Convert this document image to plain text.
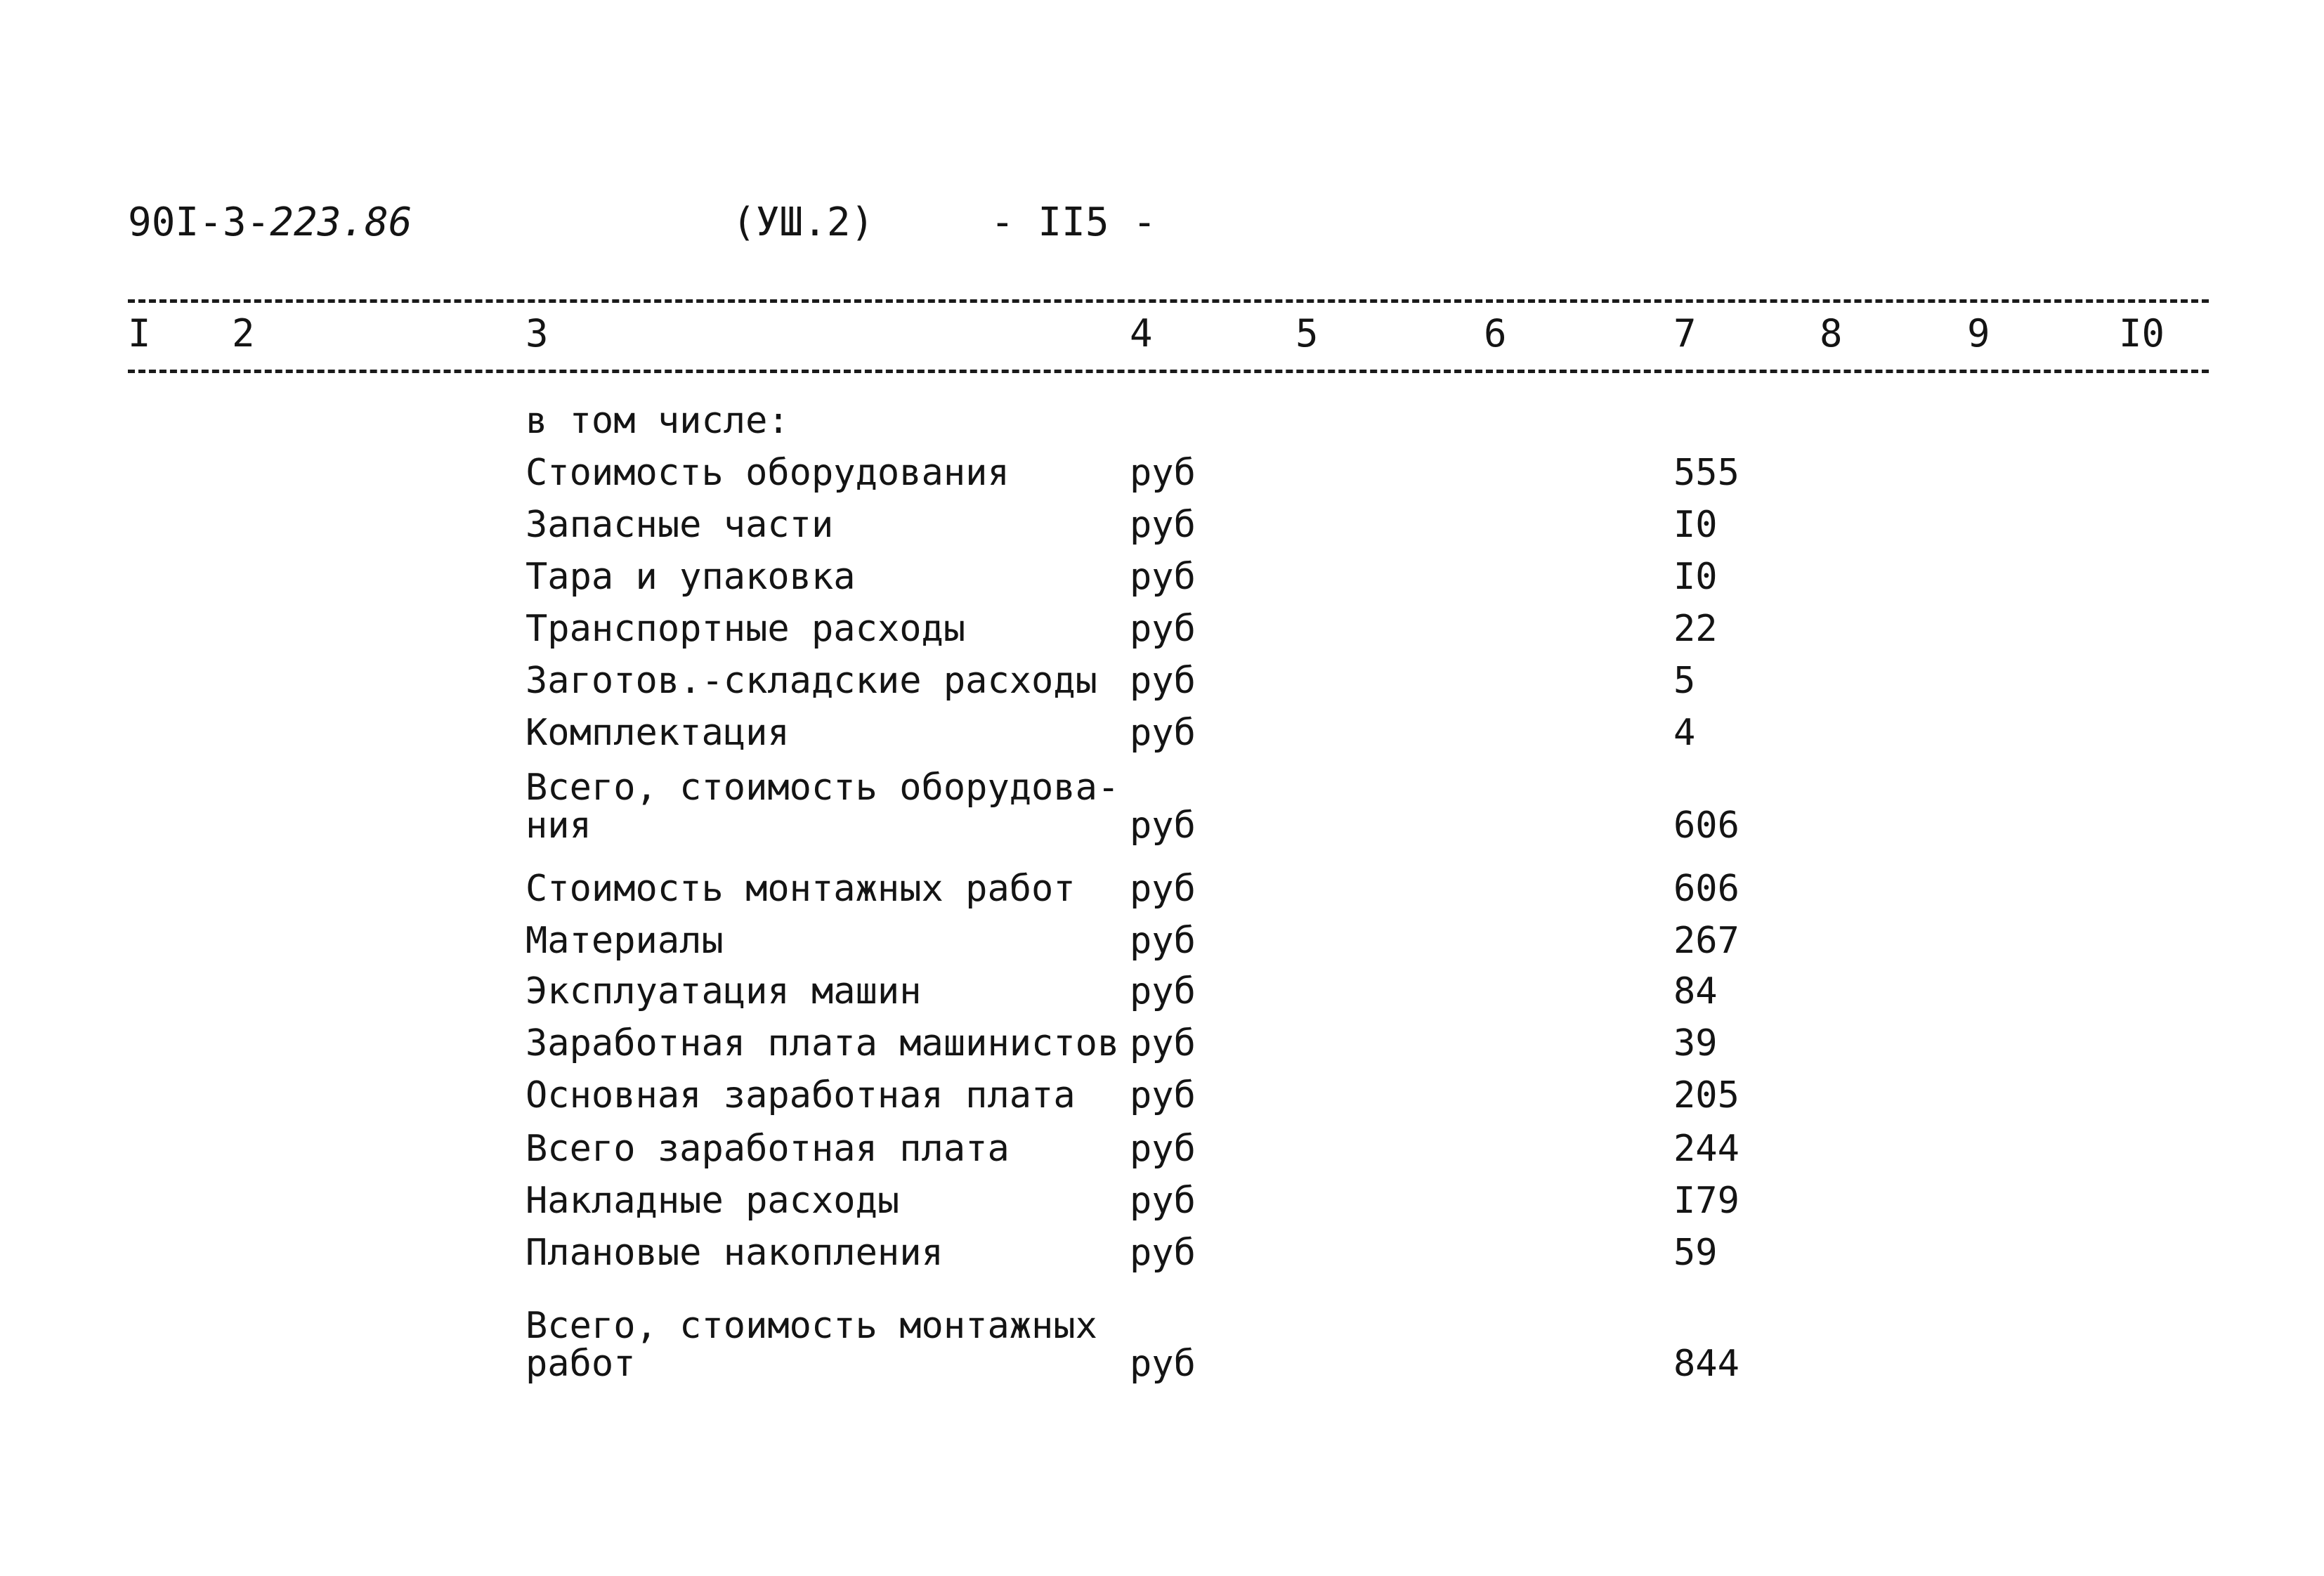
90I-3-223.86	(УШ.2)	- II5 -
I 2	3	4	5	6	7	8	9	I0
в том числе:
Стоимость оборудования	руб	555
Запасные части	руб	I0
Тара и упаковка	руб	I0
Транспортные расходы	руб	22
Заготов.-складские расходы руб	5
Комплектация	руб	4
Всего, стоимость оборудова-
ния	руб	606
Стоимость монтажных работ	руб	606
Материалы	руб	267
Эксплуатация машин	руб	84
Заработная плата машинистов руб	39
Основная заработная плата	руб	205
Всего заработная плата	руб	244
Накладные расходы	руб	I79
Плановые накопления	руб	59
Всего, стоимость монтажных
работ	руб	844
